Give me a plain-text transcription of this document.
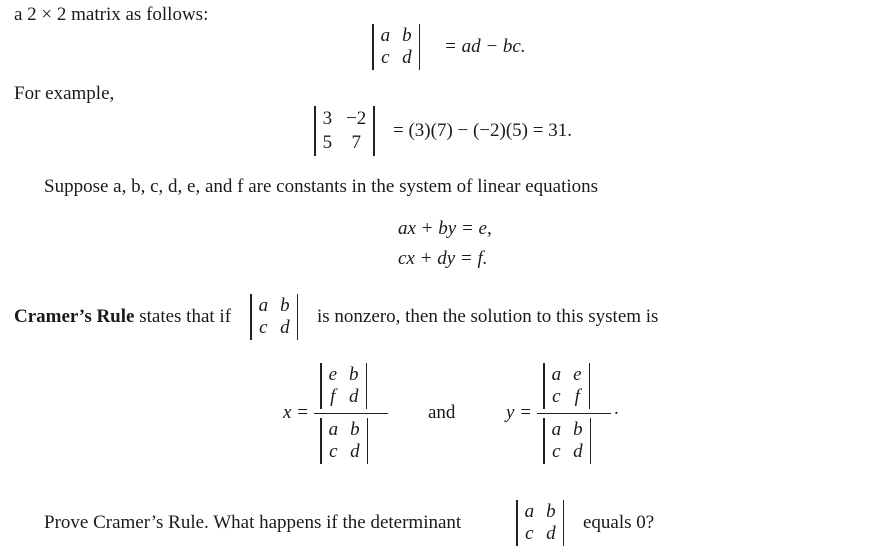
a 2 × 2 matrix as follows:
a b
c d
= ad − bc.
For example,
3 −2
5 7
= (3)(7) − (−2)(5) = 31.
Suppose a, b, c, d, e, and f are constants in the system of linear equations
ax + by = e,
cx + dy = f.
Cramer’s Rule states that if
a b
c d
is nonzero, then the solution to this system is
x =
e b
f d
a b
c d
and	y =
a e
c f
.
a b
c d
Prove Cramer’s Rule. What happens if the determinant
a b
c d
equals 0?
